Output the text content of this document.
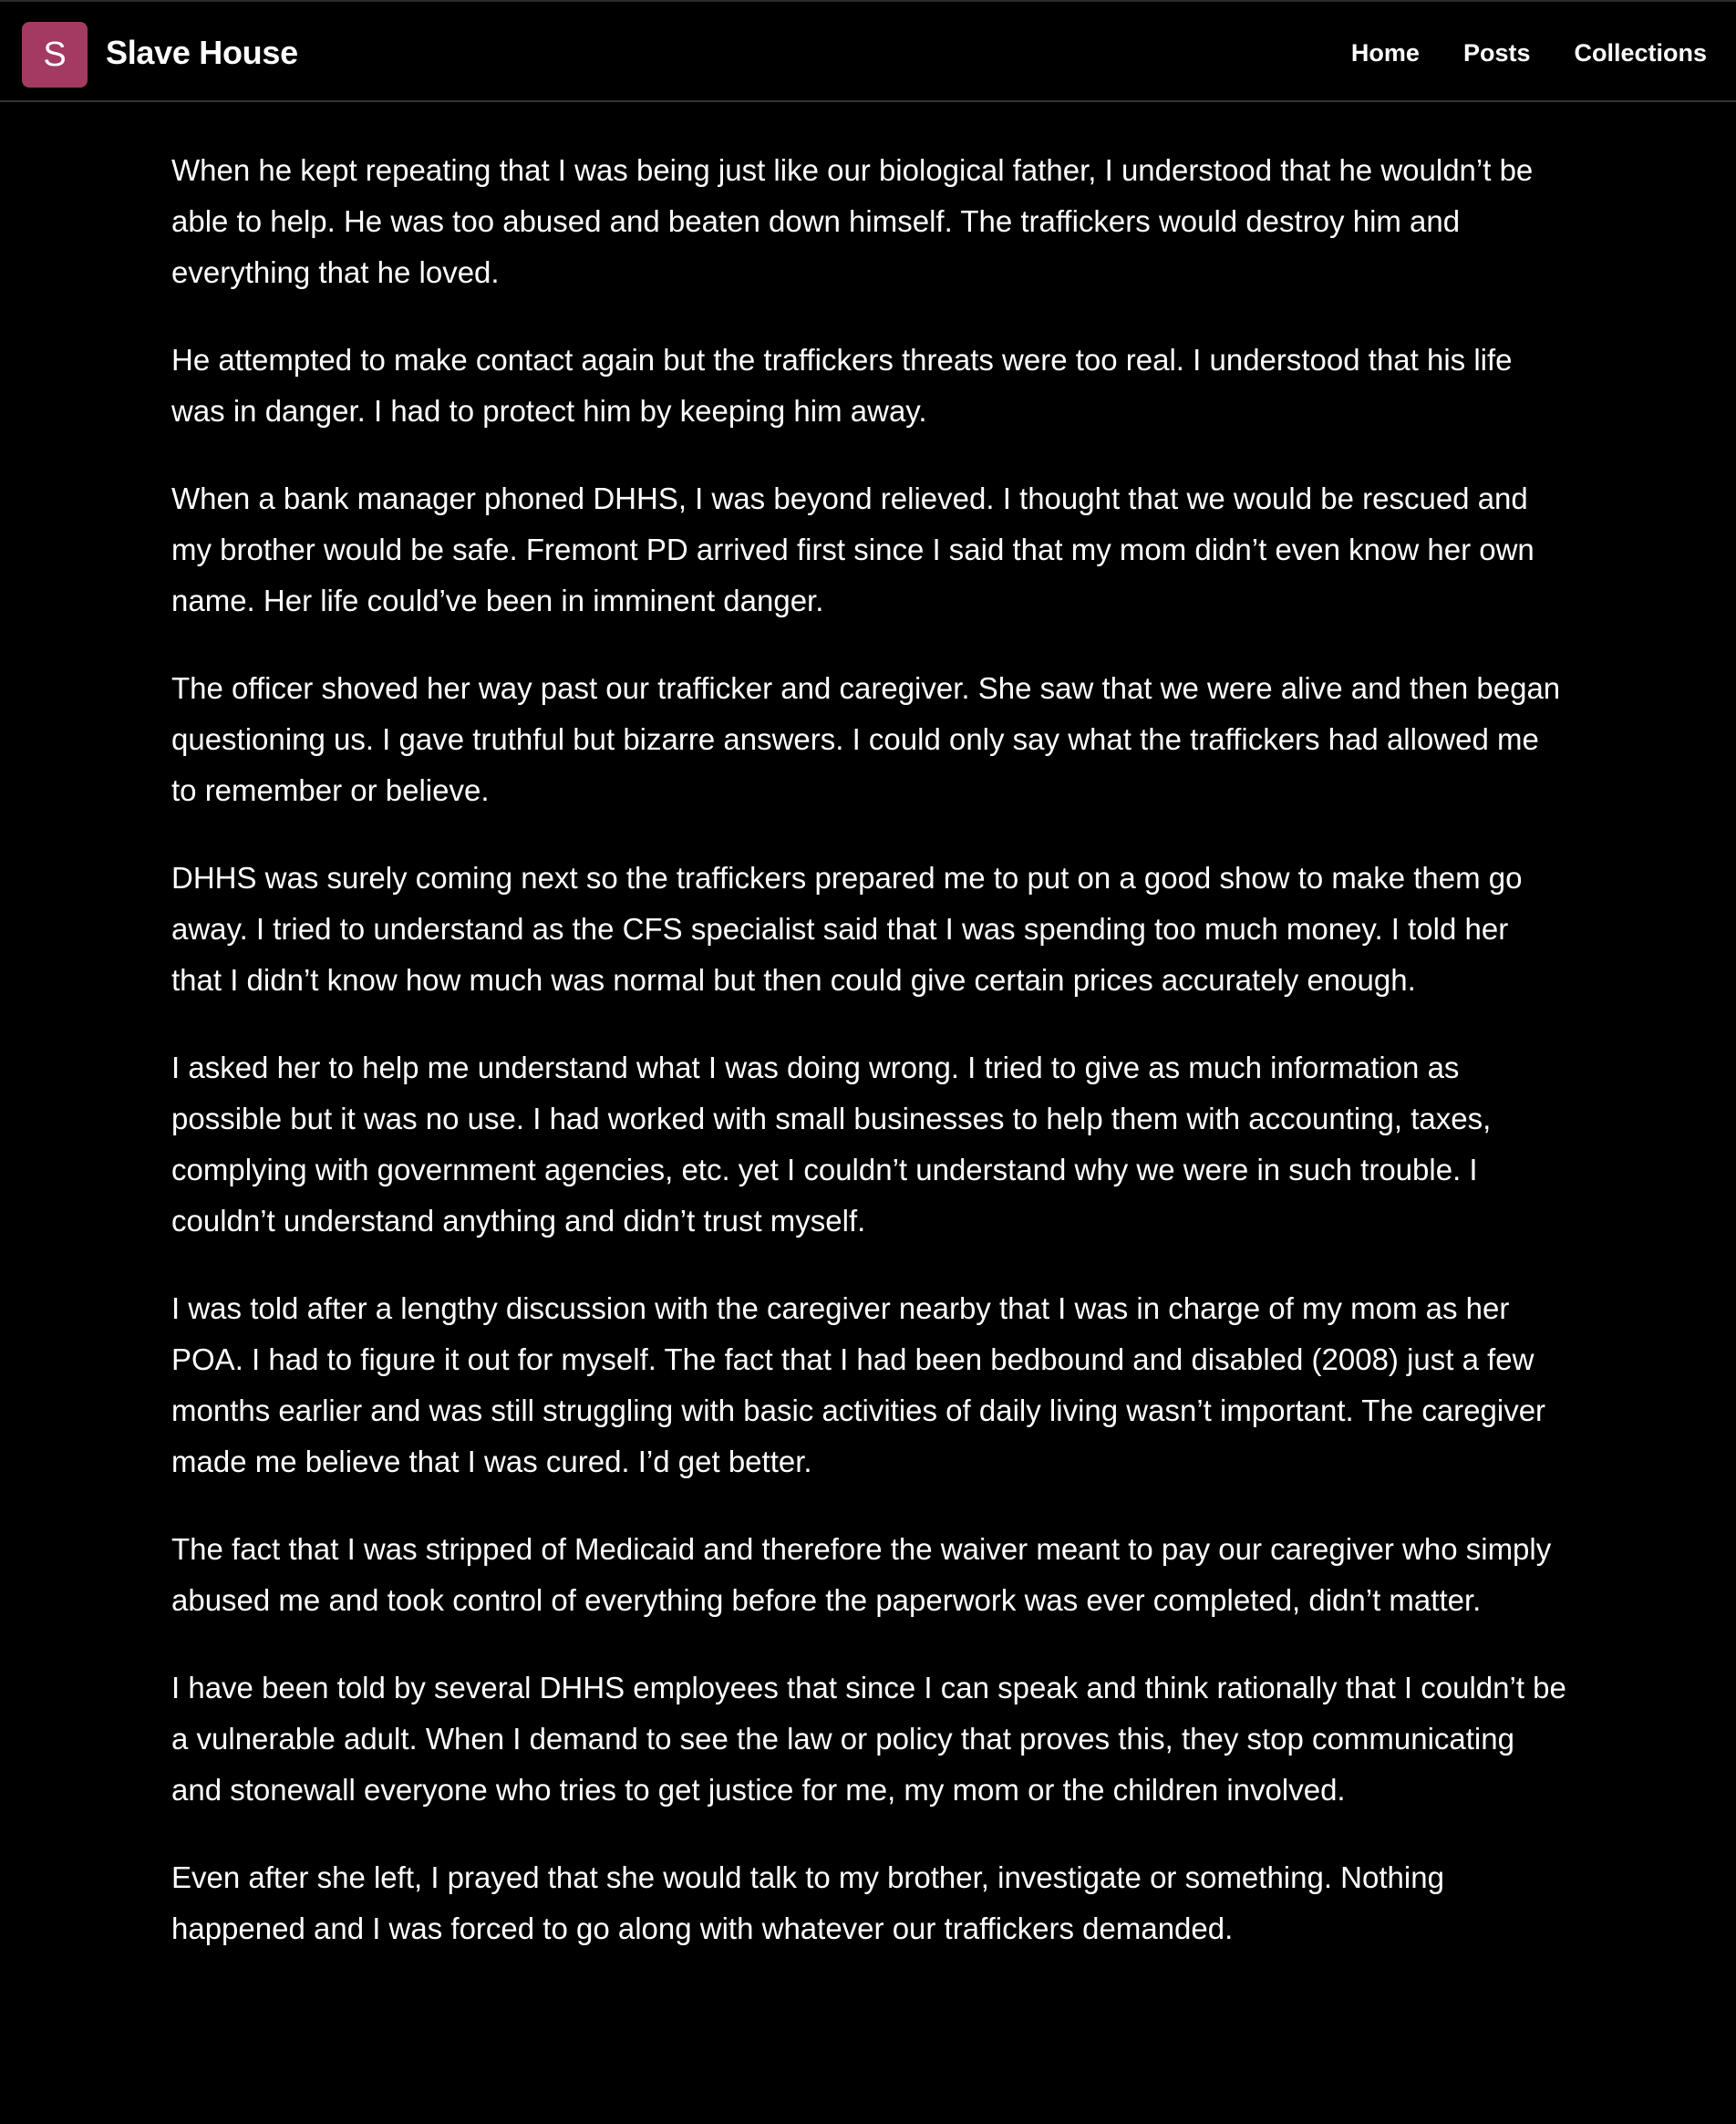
S	Slave House	Home Posts Collections

When he kept repeating that I was being just like our biological father, I understood that he wouldn’t be able to help. He was too abused and beaten down himself. The traffickers would destroy him and everything that he loved.

He attempted to make contact again but the traffickers threats were too real. I understood that his life was in danger. I had to protect him by keeping him away.

When a bank manager phoned DHHS, I was beyond relieved. I thought that we would be rescued and my brother would be safe. Fremont PD arrived first since I said that my mom didn’t even know her own name. Her life could’ve been in imminent danger.

The officer shoved her way past our trafficker and caregiver. She saw that we were alive and then began questioning us. I gave truthful but bizarre answers. I could only say what the traffickers had allowed me to remember or believe.

DHHS was surely coming next so the traffickers prepared me to put on a good show to make them go away. I tried to understand as the CFS specialist said that I was spending too much money. I told her that I didn’t know how much was normal but then could give certain prices accurately enough.

I asked her to help me understand what I was doing wrong. I tried to give as much information as possible but it was no use. I had worked with small businesses to help them with accounting, taxes, complying with government agencies, etc. yet I couldn’t understand why we were in such trouble. I couldn’t understand anything and didn’t trust myself.

I was told after a lengthy discussion with the caregiver nearby that I was in charge of my mom as her POA. I had to figure it out for myself. The fact that I had been bedbound and disabled (2008) just a few months earlier and was still struggling with basic activities of daily living wasn’t important. The caregiver made me believe that I was cured. I’d get better.

The fact that I was stripped of Medicaid and therefore the waiver meant to pay our caregiver who simply abused me and took control of everything before the paperwork was ever completed, didn’t matter.

I have been told by several DHHS employees that since I can speak and think rationally that I couldn’t be a vulnerable adult. When I demand to see the law or policy that proves this, they stop communicating and stonewall everyone who tries to get justice for me, my mom or the children involved.

Even after she left, I prayed that she would talk to my brother, investigate or something. Nothing happened and I was forced to go along with whatever our traffickers demanded.
